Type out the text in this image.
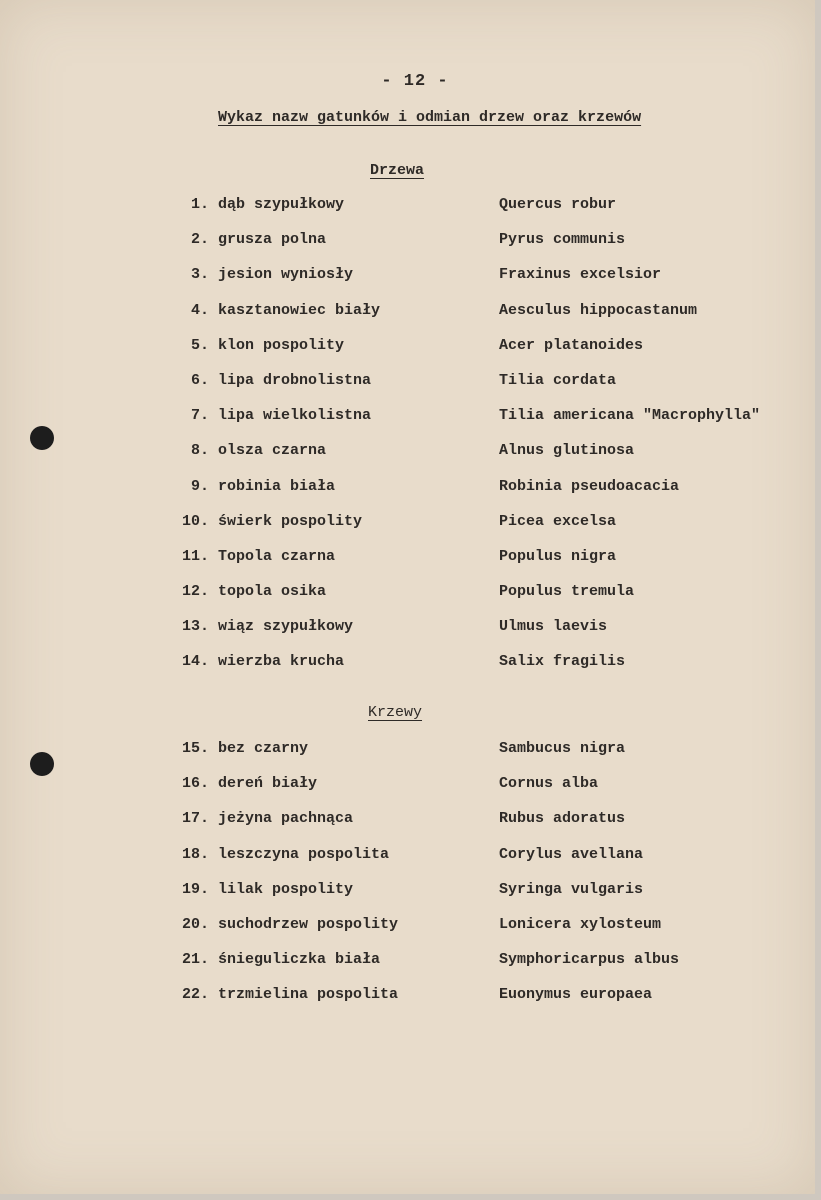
- 12 -
Wykaz nazw gatunków i odmian drzew oraz krzewów
Drzewa
1. dąb szypułkowy	Quercus robur
2. grusza polna	Pyrus communis
3. jesion wyniosły	Fraxinus excelsior
4. kasztanowiec biały	Aesculus hippocastanum
5. klon pospolity	Acer platanoides
6. lipa drobnolistna	Tilia cordata
7. lipa wielkolistna	Tilia americana "Macrophylla"
8. olsza czarna	Alnus glutinosa
9. robinia biała	Robinia pseudoacacia
10. świerk pospolity	Picea excelsa
11. Topola czarna	Populus nigra
12. topola osika	Populus tremula
13. wiąz szypułkowy	Ulmus laevis
14. wierzba krucha	Salix fragilis
Krzewy
15. bez czarny	Sambucus nigra
16. dereń biały	Cornus alba
17. jeżyna pachnąca	Rubus adoratus
18. leszczyna pospolita	Corylus avellana
19. lilak pospolity	Syringa vulgaris
20. suchodrzew pospolity	Lonicera xylosteum
21. śnieguliczka biała	Symphoricarpus albus
22. trzmielina pospolita	Euonymus europaea
